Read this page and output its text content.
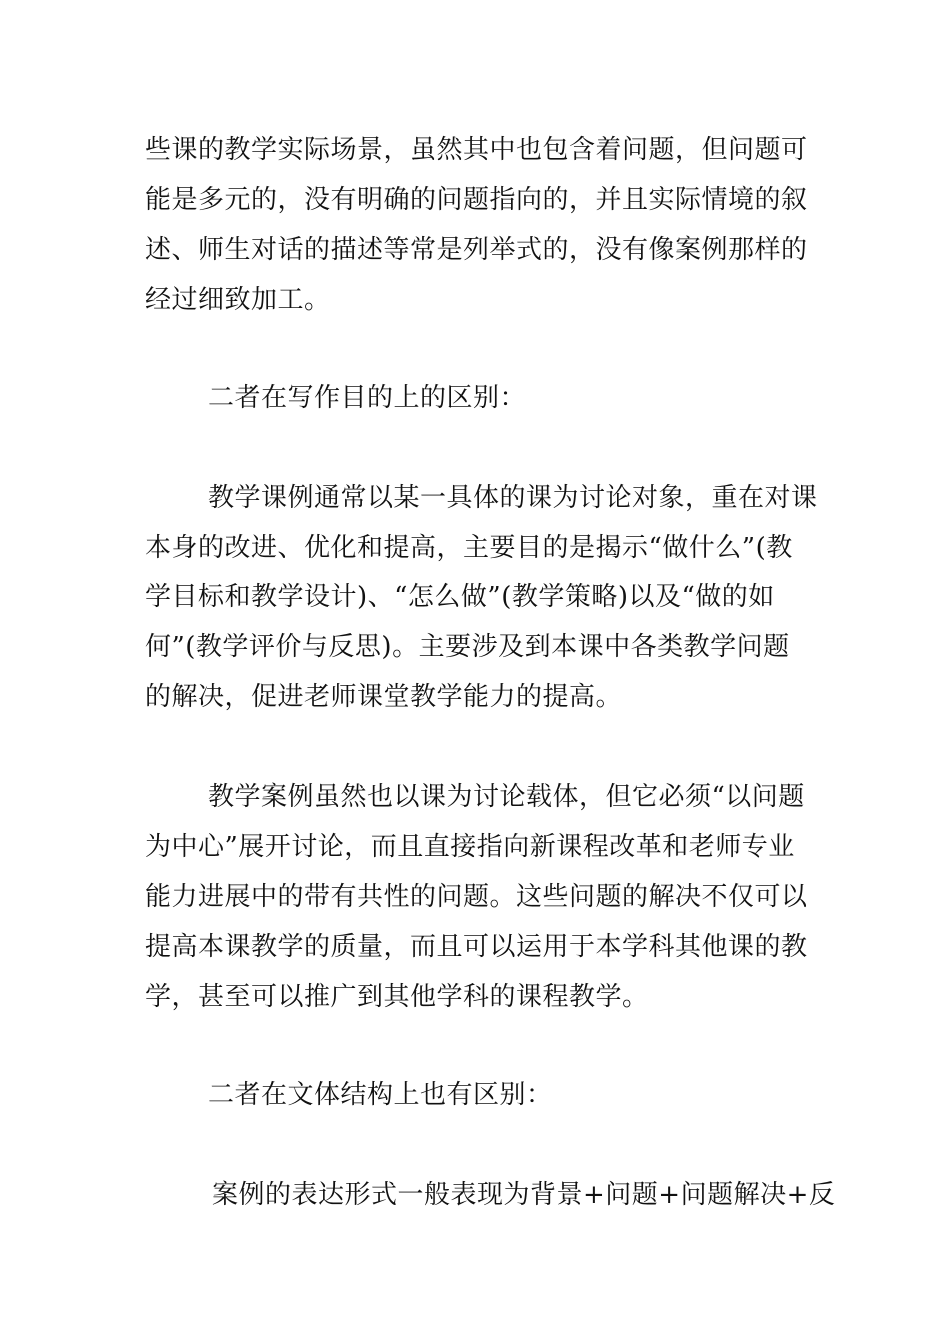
些课的教学实际场景，虽然其中也包含着问题，但问题可
能是多元的，没有明确的问题指向的，并且实际情境的叙
述、师生对话的描述等常是列举式的，没有像案例那样的
经过细致加工。
二者在写作目的上的区别：
教学课例通常以某一具体的课为讨论对象，重在对课
本身的改进、优化和提高，主要目的是揭示“做什么”(教
学目标和教学设计)、“怎么做”(教学策略)以及“做的如
何”(教学评价与反思)。主要涉及到本课中各类教学问题
的解决，促进老师课堂教学能力的提高。
教学案例虽然也以课为讨论载体，但它必须“以问题
为中心”展开讨论，而且直接指向新课程改革和老师专业
能力进展中的带有共性的问题。这些问题的解决不仅可以
提高本课教学的质量，而且可以运用于本学科其他课的教
学，甚至可以推广到其他学科的课程教学。
二者在文体结构上也有区别：
案例的表达形式一般表现为背景+问题+问题解决+反
